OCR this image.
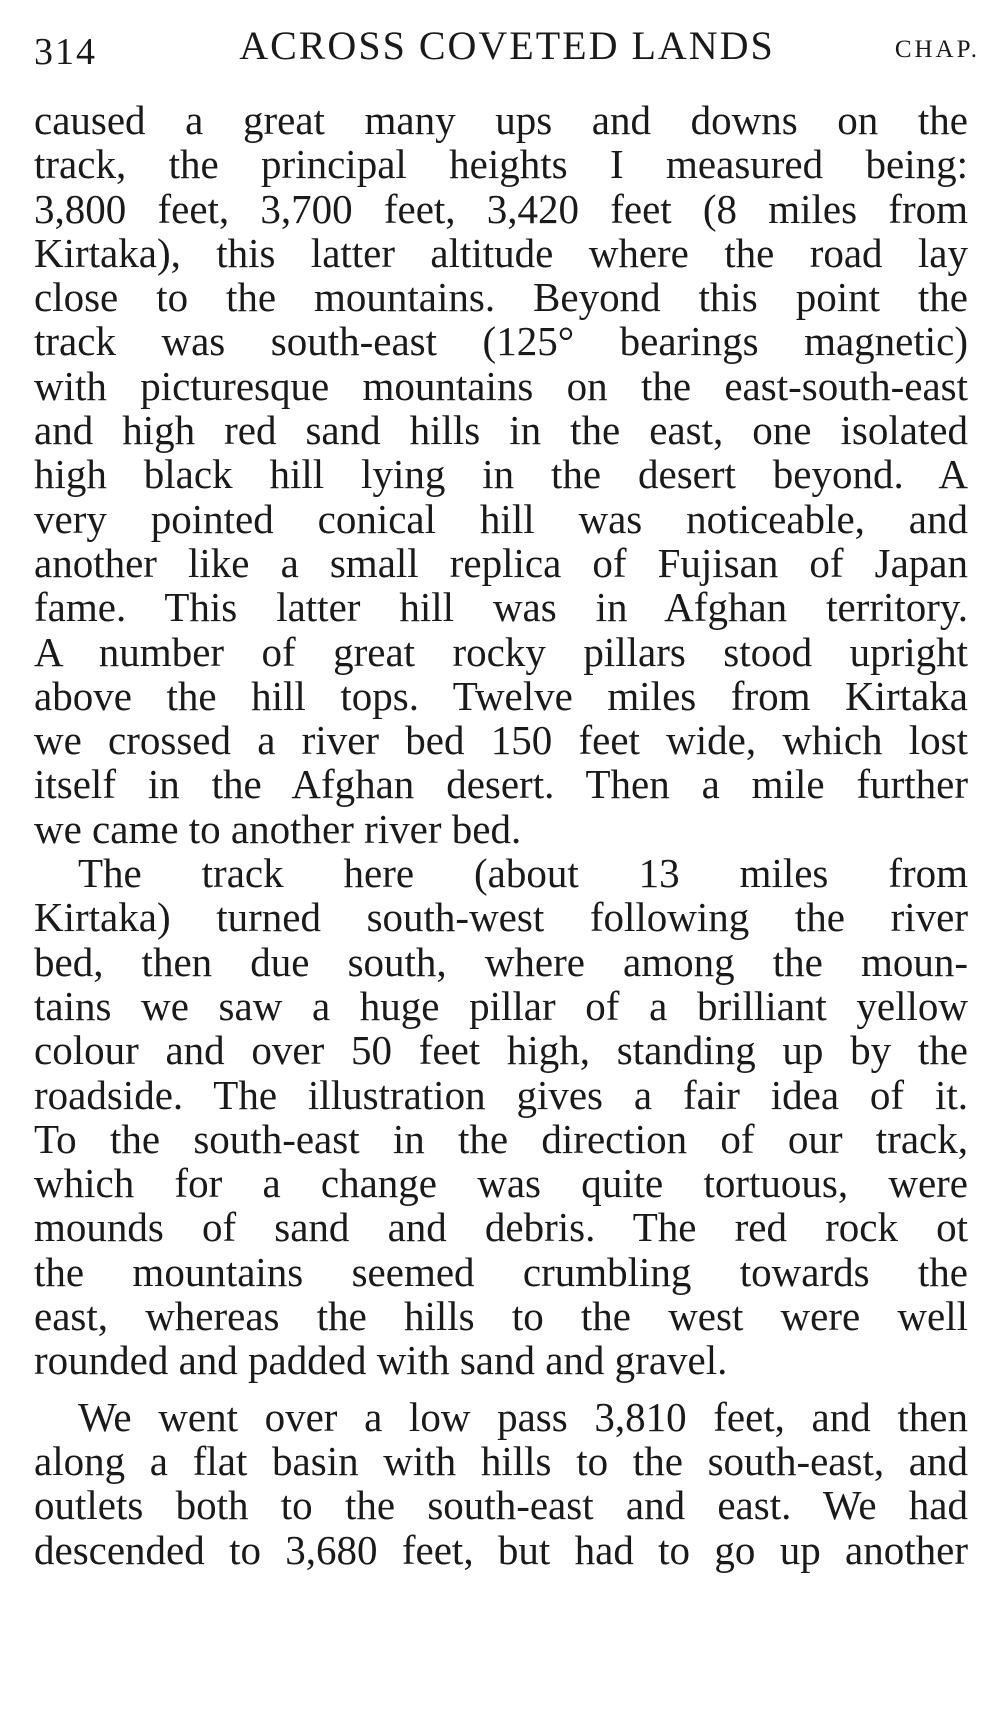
314	ACROSS COVETED LANDS	CHAP.
caused a great many ups and downs on the
track, the principal heights I measured being:
3,800 feet, 3,700 feet, 3,420 feet (8 miles from
Kirtaka), this latter altitude where the road lay
close to the mountains. Beyond this point the
track was south-east (125° bearings magnetic)
with picturesque mountains on the east-south-east
and high red sand hills in the east, one isolated
high black hill lying in the desert beyond. A
very pointed conical hill was noticeable, and
another like a small replica of Fujisan of Japan
fame. This latter hill was in Afghan territory.
A number of great rocky pillars stood upright
above the hill tops. Twelve miles from Kirtaka
we crossed a river bed 150 feet wide, which lost
itself in the Afghan desert. Then a mile further
we came to another river bed.
The track here (about 13 miles from
Kirtaka) turned south-west following the river
bed, then due south, where among the moun-
tains we saw a huge pillar of a brilliant yellow
colour and over 50 feet high, standing up by the
roadside. The illustration gives a fair idea of it.
To the south-east in the direction of our track,
which for a change was quite tortuous, were
mounds of sand and debris. The red rock ot
the mountains seemed crumbling towards the
east, whereas the hills to the west were well
rounded and padded with sand and gravel.
We went over a low pass 3,810 feet, and then
along a flat basin with hills to the south-east, and
outlets both to the south-east and east. We had
descended to 3,680 feet, but had to go up another
